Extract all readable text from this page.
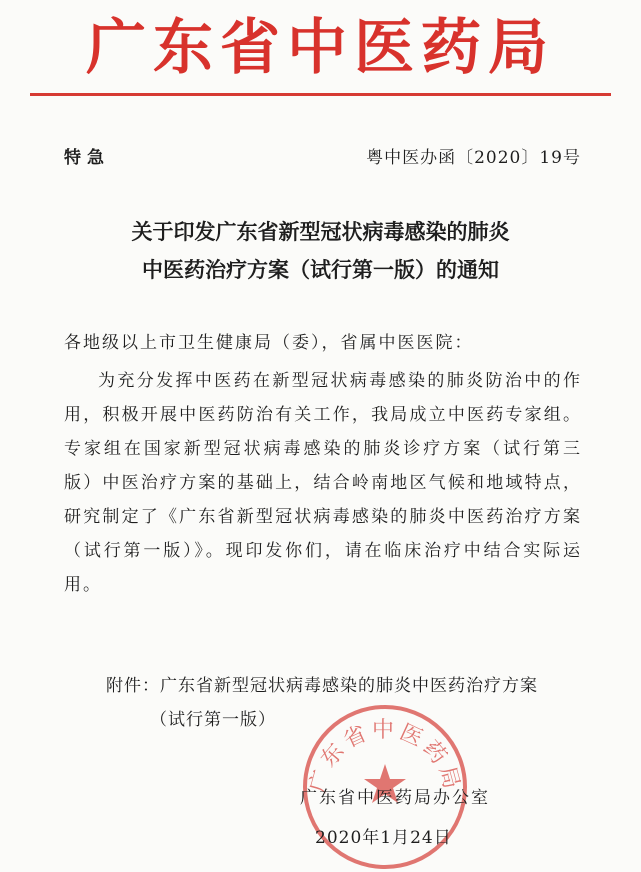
广东省中医药局
特急	粤中医办函〔2020〕19号
关于印发广东省新型冠状病毒感染的肺炎
中医药治疗方案（试行第一版）的通知
各地级以上市卫生健康局（委），省属中医医院：
为充分发挥中医药在新型冠状病毒感染的肺炎防治中的作用，积极开展中医药防治有关工作，我局成立中医药专家组。专家组在国家新型冠状病毒感染的肺炎诊疗方案（试行第三版）中医治疗方案的基础上，结合岭南地区气候和地域特点，研究制定了《广东省新型冠状病毒感染的肺炎中医药治疗方案（试行第一版）》。现印发你们，请在临床治疗中结合实际运用。
附件：广东省新型冠状病毒感染的肺炎中医药治疗方案
（试行第一版）
广东省中医药局
广东省中医药局办公室
2020年1月24日
